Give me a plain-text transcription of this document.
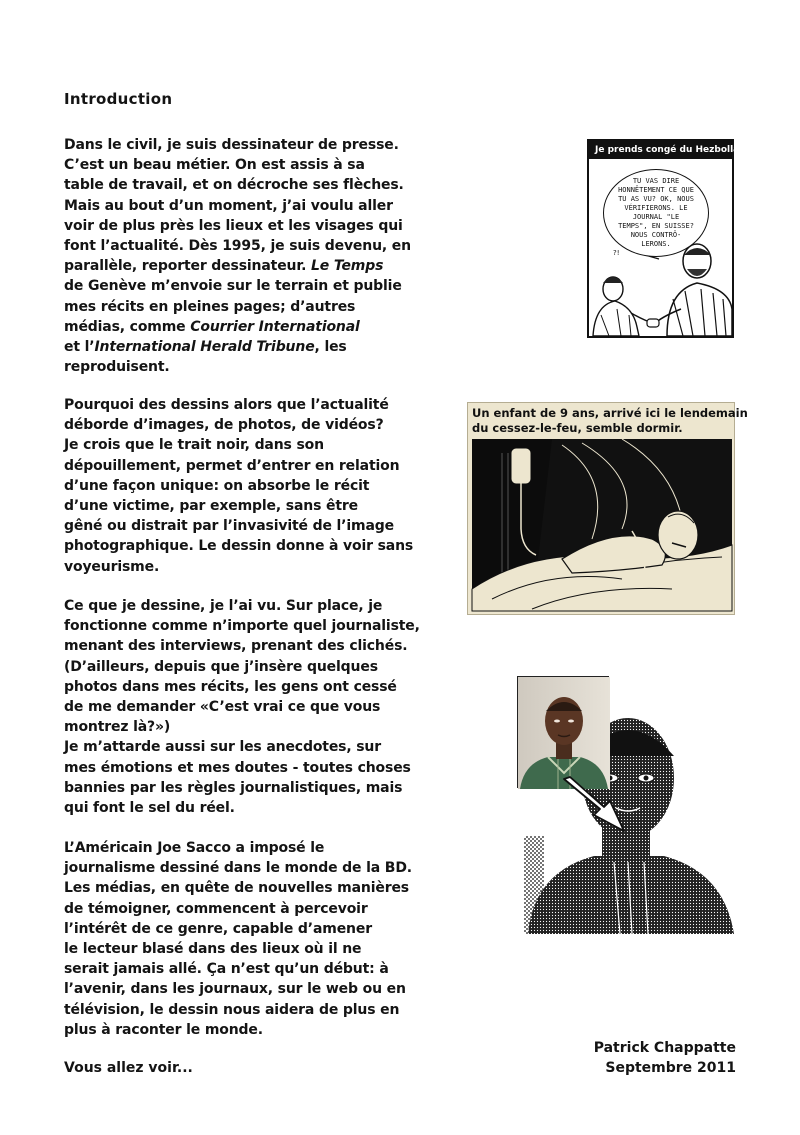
Introduction
Dans le civil, je suis dessinateur de presse.
C’est un beau métier. On est assis à sa
table de travail, et on décroche ses flèches.
Mais au bout d’un moment, j’ai voulu aller
voir de plus près les lieux et les visages qui
font l’actualité. Dès 1995, je suis devenu, en
parallèle, reporter dessinateur. Le Temps
de Genève m’envoie sur le terrain et publie
mes récits en pleines pages; d’autres
médias, comme Courrier International
et l’International Herald Tribune, les
reproduisent.
Pourquoi des dessins alors que l’actualité
déborde d’images, de photos, de vidéos?
Je crois que le trait noir, dans son
dépouillement, permet d’entrer en relation
d’une façon unique: on absorbe le récit
d’une victime, par exemple, sans être
gêné ou distrait par l’invasivité de l’image
photographique. Le dessin donne à voir sans
voyeurisme.
Ce que je dessine, je l’ai vu. Sur place, je
fonctionne comme n’importe quel journaliste,
menant des interviews, prenant des clichés.
(D’ailleurs, depuis que j’insère quelques
photos dans mes récits, les gens ont cessé
de me demander «C’est vrai ce que vous
montrez là?»)
Je m’attarde aussi sur les anecdotes, sur
mes émotions et mes doutes - toutes choses
bannies par les règles journalistiques, mais
qui font le sel du réel.
L’Américain Joe Sacco a imposé le
journalisme dessiné dans le monde de la BD.
Les médias, en quête de nouvelles manières
de témoigner, commencent à percevoir
l’intérêt de ce genre, capable d’amener
le lecteur blasé dans des lieux où il ne
serait jamais allé. Ça n’est qu’un début: à
l’avenir, dans les journaux, sur le web ou en
télévision, le dessin nous aidera de plus en
plus à raconter le monde.
Vous allez voir...
Patrick Chappatte
Septembre 2011
Je prends congé du Hezbollah...
TU VAS DIRE HONNÊTEMENT CE QUE TU AS VU? OK, NOUS VÉRIFIERONS. LE JOURNAL "LE TEMPS", EN SUISSE? NOUS CONTRÔ-LERONS.
?!
Un enfant de 9 ans, arrivé ici le lendemain
du cessez-le-feu, semble dormir.
